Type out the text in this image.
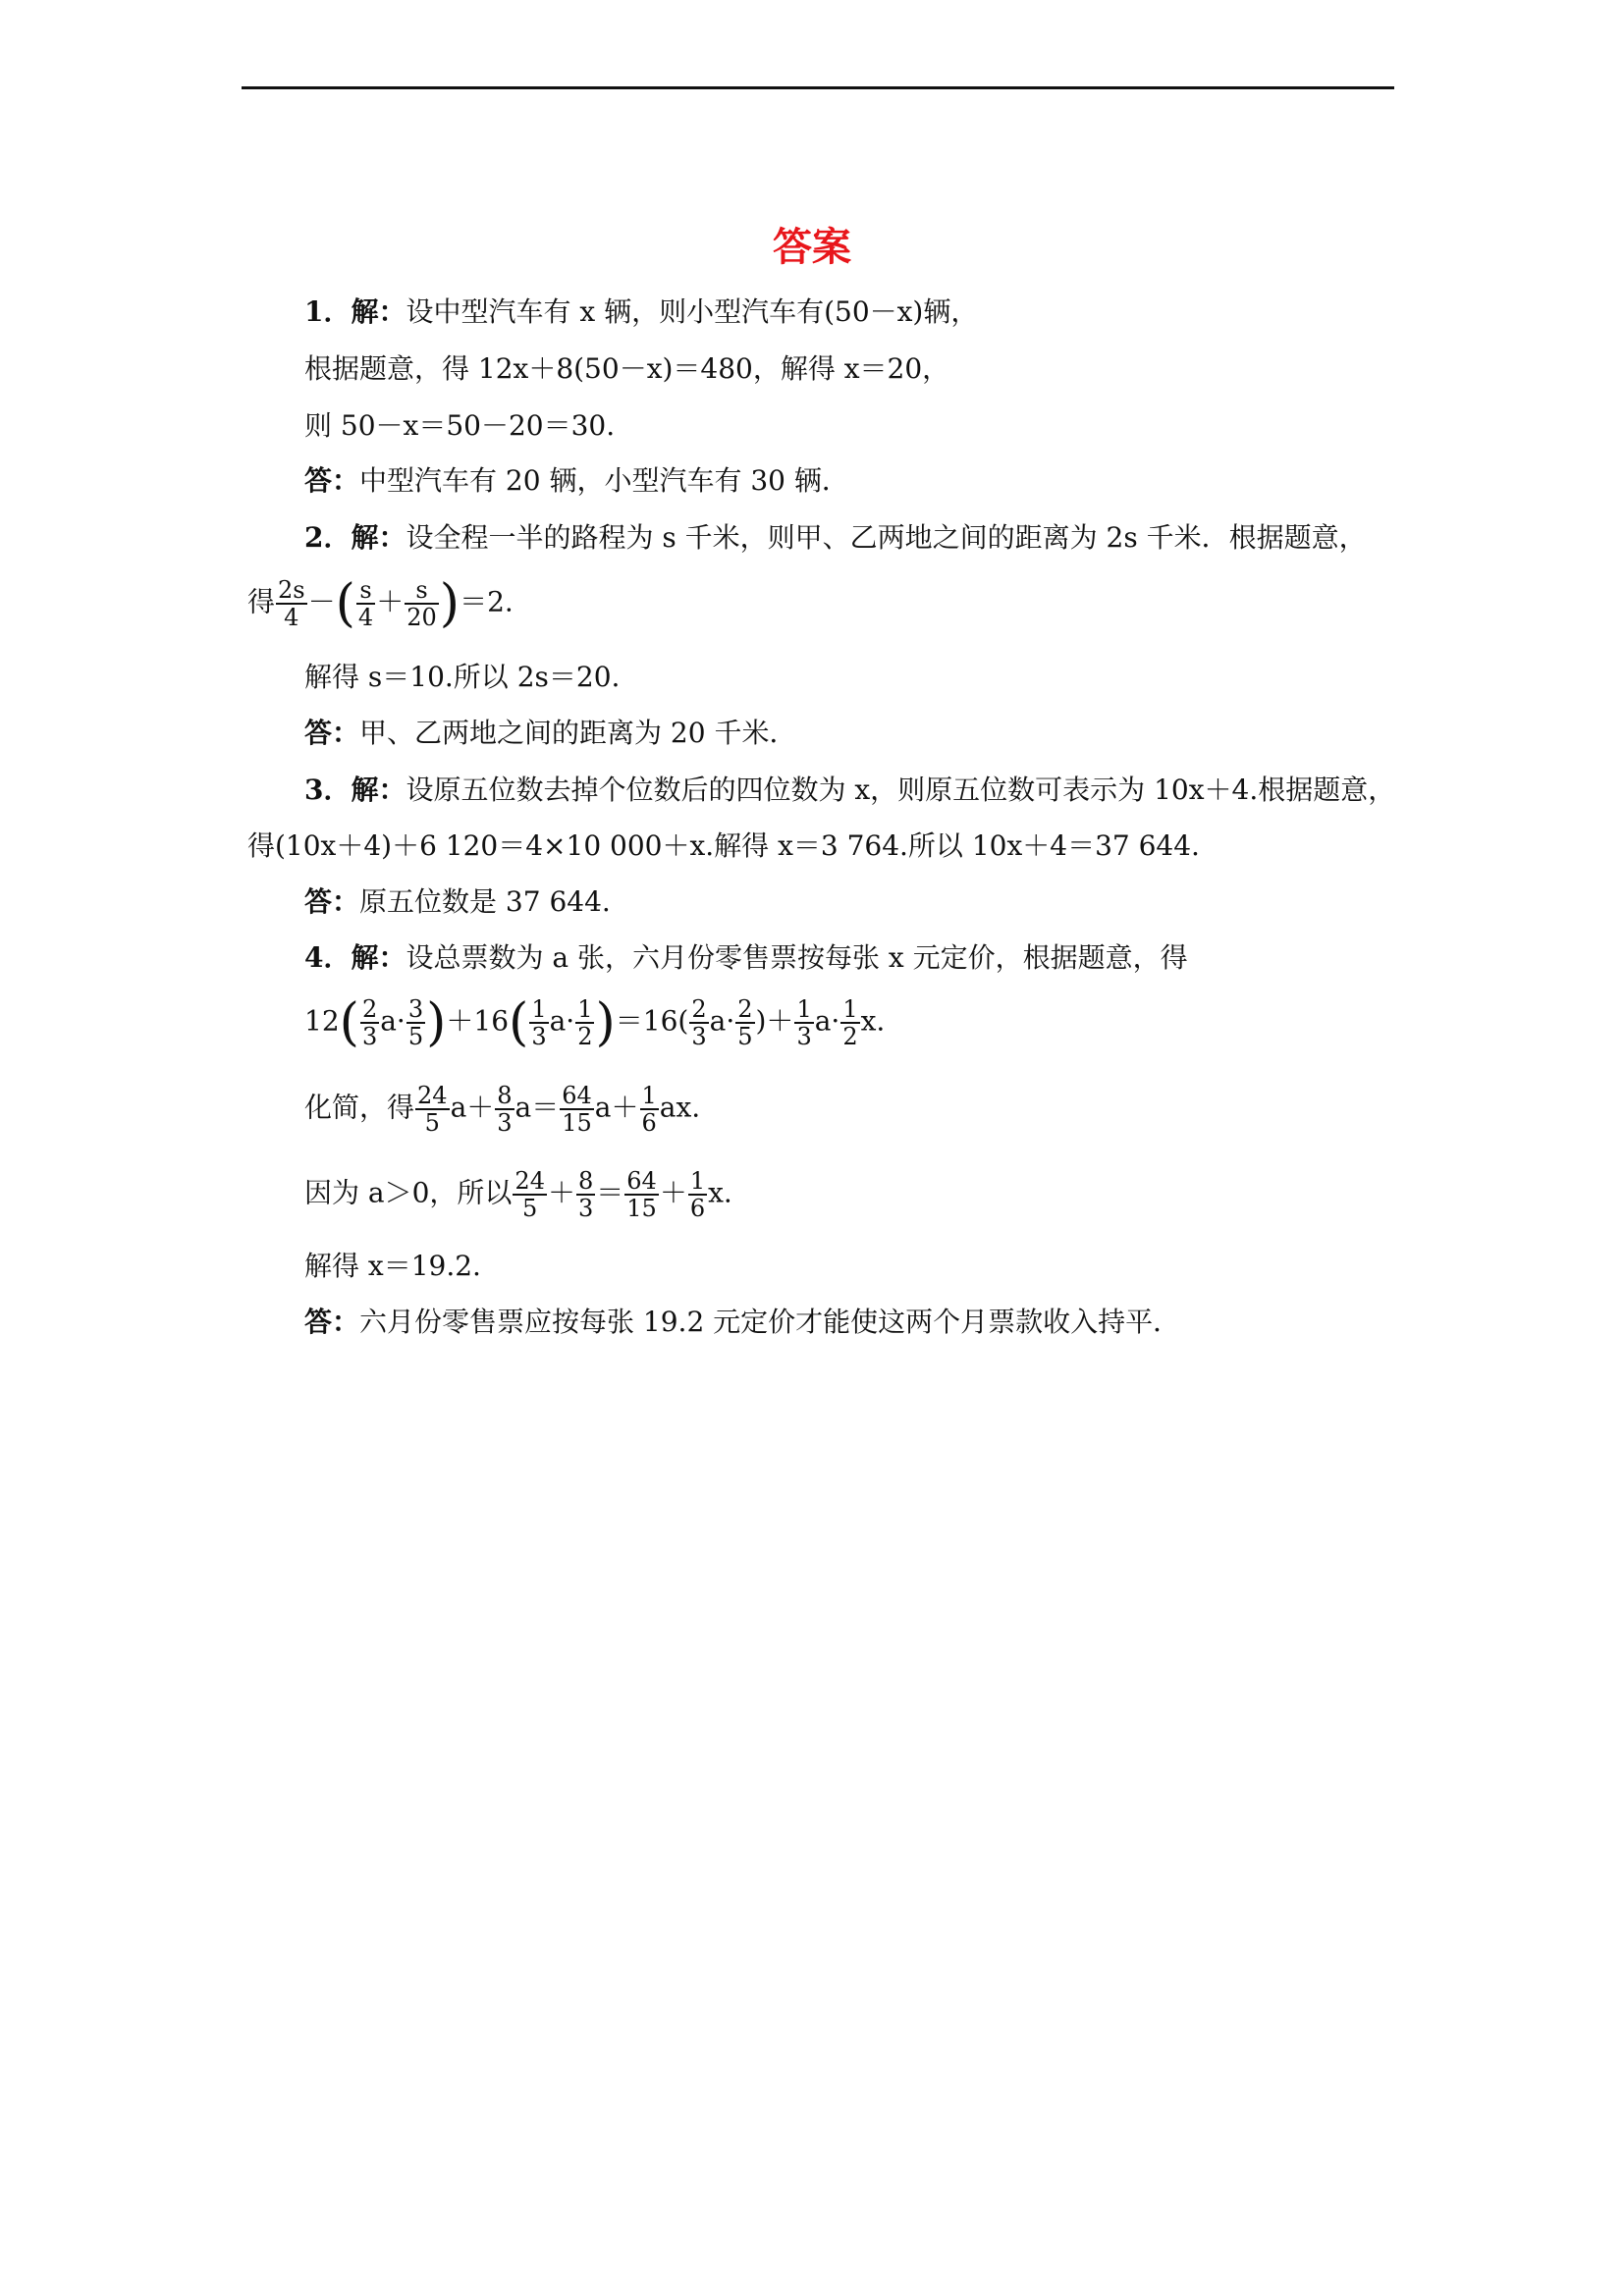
答案
1．解：设中型汽车有 x 辆，则小型汽车有(50－x)辆，
根据题意，得 12x＋8(50－x)＝480，解得 x＝20，
则 50－x＝50－20＝30.
答：中型汽车有 20 辆，小型汽车有 30 辆．
2．解：设全程一半的路程为 s 千米，则甲、乙两地之间的距离为 2s 千米．根据题意，
得 $\frac{2s}{4}$ －( $\frac{s}{4} + \frac{s}{20} )=2$.
解得 s＝10.所以 2s＝20.
答：甲、乙两地之间的距离为 20 千米．
3．解：设原五位数去掉个位数后的四位数为 x，则原五位数可表示为 10x＋4.根据题意，
得(10x＋4)＋6 120＝4×10 000＋x.解得 x＝3 764.所以 10x＋4＝37 644.
答：原五位数是 37 644.
4．解：设总票数为 a 张，六月份零售票按每张 x 元定价，根据题意，得
$12( \frac{2}{3} a\cdot \frac{3}{5} )+16( \frac{1}{3} a\cdot \frac{1}{2} )=16( \frac{2}{3} a\cdot \frac{2}{5}$ )＋ $\frac{1}{3} a\cdot \frac{1}{2} x$.
化简，得 $\frac{24}{5} a+ \frac{8}{3} a= \frac{64}{15} a+ \frac{1}{6}$ ax.
因为 a＞0，所以 $\frac{24}{5} + \frac{8}{3} = \frac{64}{15} + \frac{1}{6} x$.
解得 x＝19.2.
答：六月份零售票应按每张 19.2 元定价才能使这两个月票款收入持平．
